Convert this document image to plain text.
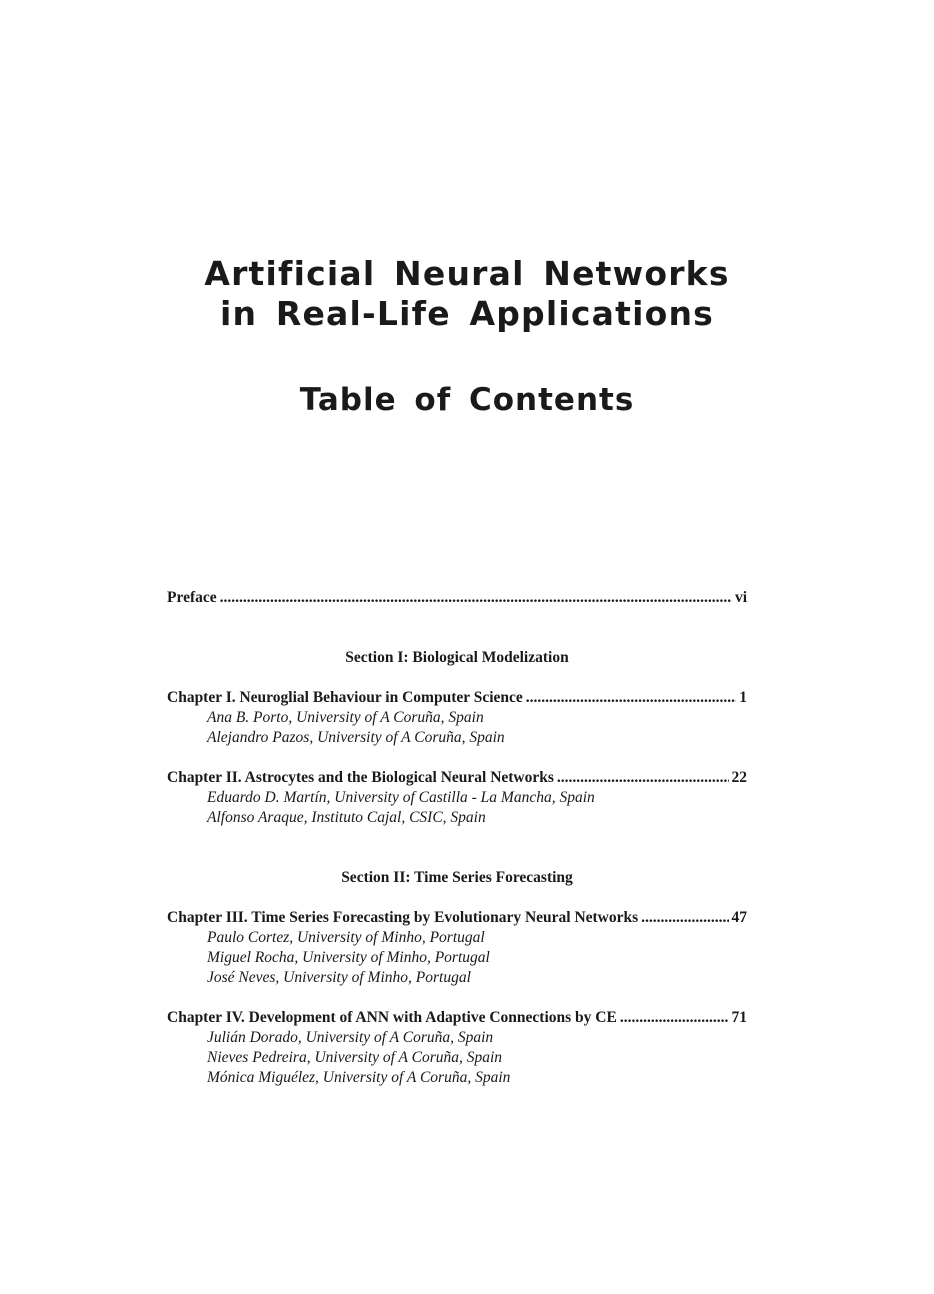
Artificial Neural Networks
in Real-Life Applications
Table of Contents
Preface .....	vi
Section I: Biological Modelization
Chapter I. Neuroglial Behaviour in Computer Science .....	1
Ana B. Porto, University of A Coruña, Spain
Alejandro Pazos, University of A Coruña, Spain
Chapter II. Astrocytes and the Biological Neural Networks .....	22
Eduardo D. Martín, University of Castilla - La Mancha, Spain
Alfonso Araque, Instituto Cajal, CSIC, Spain
Section II: Time Series Forecasting
Chapter III. Time Series Forecasting by Evolutionary Neural Networks .....	47
Paulo Cortez, University of Minho, Portugal
Miguel Rocha, University of Minho, Portugal
José Neves, University of Minho, Portugal
Chapter IV. Development of ANN with Adaptive Connections by CE .....	71
Julián Dorado, University of A Coruña, Spain
Nieves Pedreira, University of A Coruña, Spain
Mónica Miguélez, University of A Coruña, Spain
